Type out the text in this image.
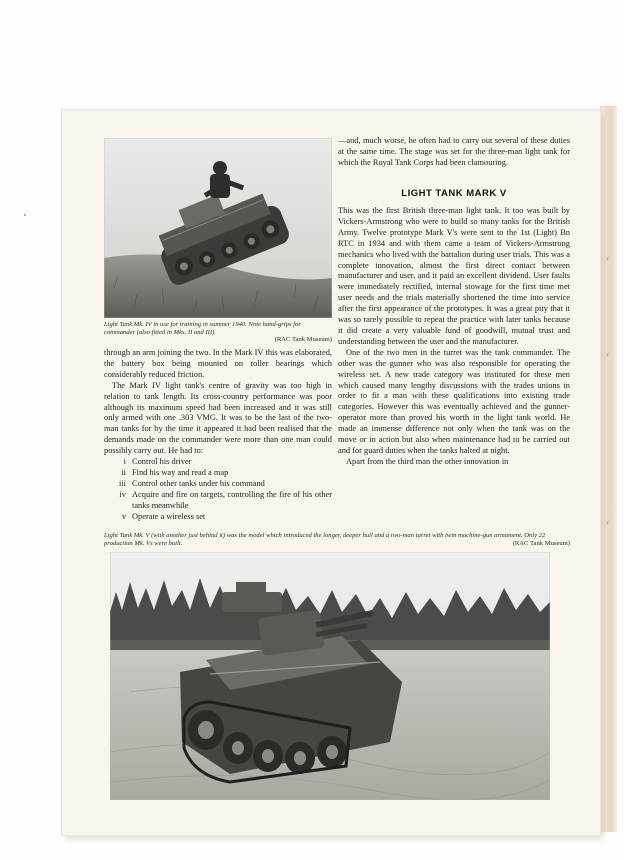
‹
‹
‹
Light Tank Mk. IV in use for training in summer 1940. Note hand-grips for commander (also fitted in Mks. II and III).
(RAC Tank Museum)

through an arm joining the two. In the Mark IV this was elaborated, the battery box being mounted on roller bearings which considerably reduced friction.

The Mark IV light tank's centre of gravity was too high in relation to tank length. Its cross-country performance was poor although its maximum speed had been increased and it was still only armed with one .303 VMG. It was to be the last of the two-man tanks for by the time it appeared it had been realised that the demands made on the commander were more than one man could possibly carry out. He had to:

i Control his driver
ii Find his way and read a map
iii Control other tanks under his command
iv Acquire and fire on targets, controlling the fire of his other tanks meanwhile
v Operate a wireless set

—and, much worse, he often had to carry out several of these duties at the same time. The stage was set for the three-man light tank for which the Royal Tank Corps had been clamouring.

LIGHT TANK MARK V

This was the first British three-man light tank. It too was built by Vickers-Armstrong who were to build so many tanks for the British Army. Twelve prototype Mark V's were sent to the 1st (Light) Bn RTC in 1934 and with them came a team of Vickers-Armstrong mechanics who lived with the battalion during user trials. This was a complete innovation, almost the first direct contact between manufacturer and user, and it paid an excellent dividend. User faults were immediately rectified, internal stowage for the first time met user needs and the trials materially shortened the time into service after the first appearance of the prototypes. It was a great pity that it was so rarely possible to repeat the practice with later tanks because it did create a very valuable fund of goodwill, mutual trust and understanding between the user and the manufacturer.

One of the two men in the turret was the tank commander. The other was the gunner who was also responsible for operating the wireless set. A new trade category was instituted for these men which caused many lengthy discussions with the trades unions in order to fit a man with these qualifications into existing trade categories. However this was eventually achieved and the gunner-operator more than proved his worth in the light tank world. He made an immense difference not only when the tank was on the move or in action but also when maintenance had to be carried out and for guard duties when the tanks halted at night.

Apart from the third man the other innovation in

Light Tank Mk. V (with another just behind it) was the model which introduced the longer, deeper hull and a two-man turret with twin machine-gun armament. Only 22 production Mk. Vs were built.	(RAC Tank Museum)
